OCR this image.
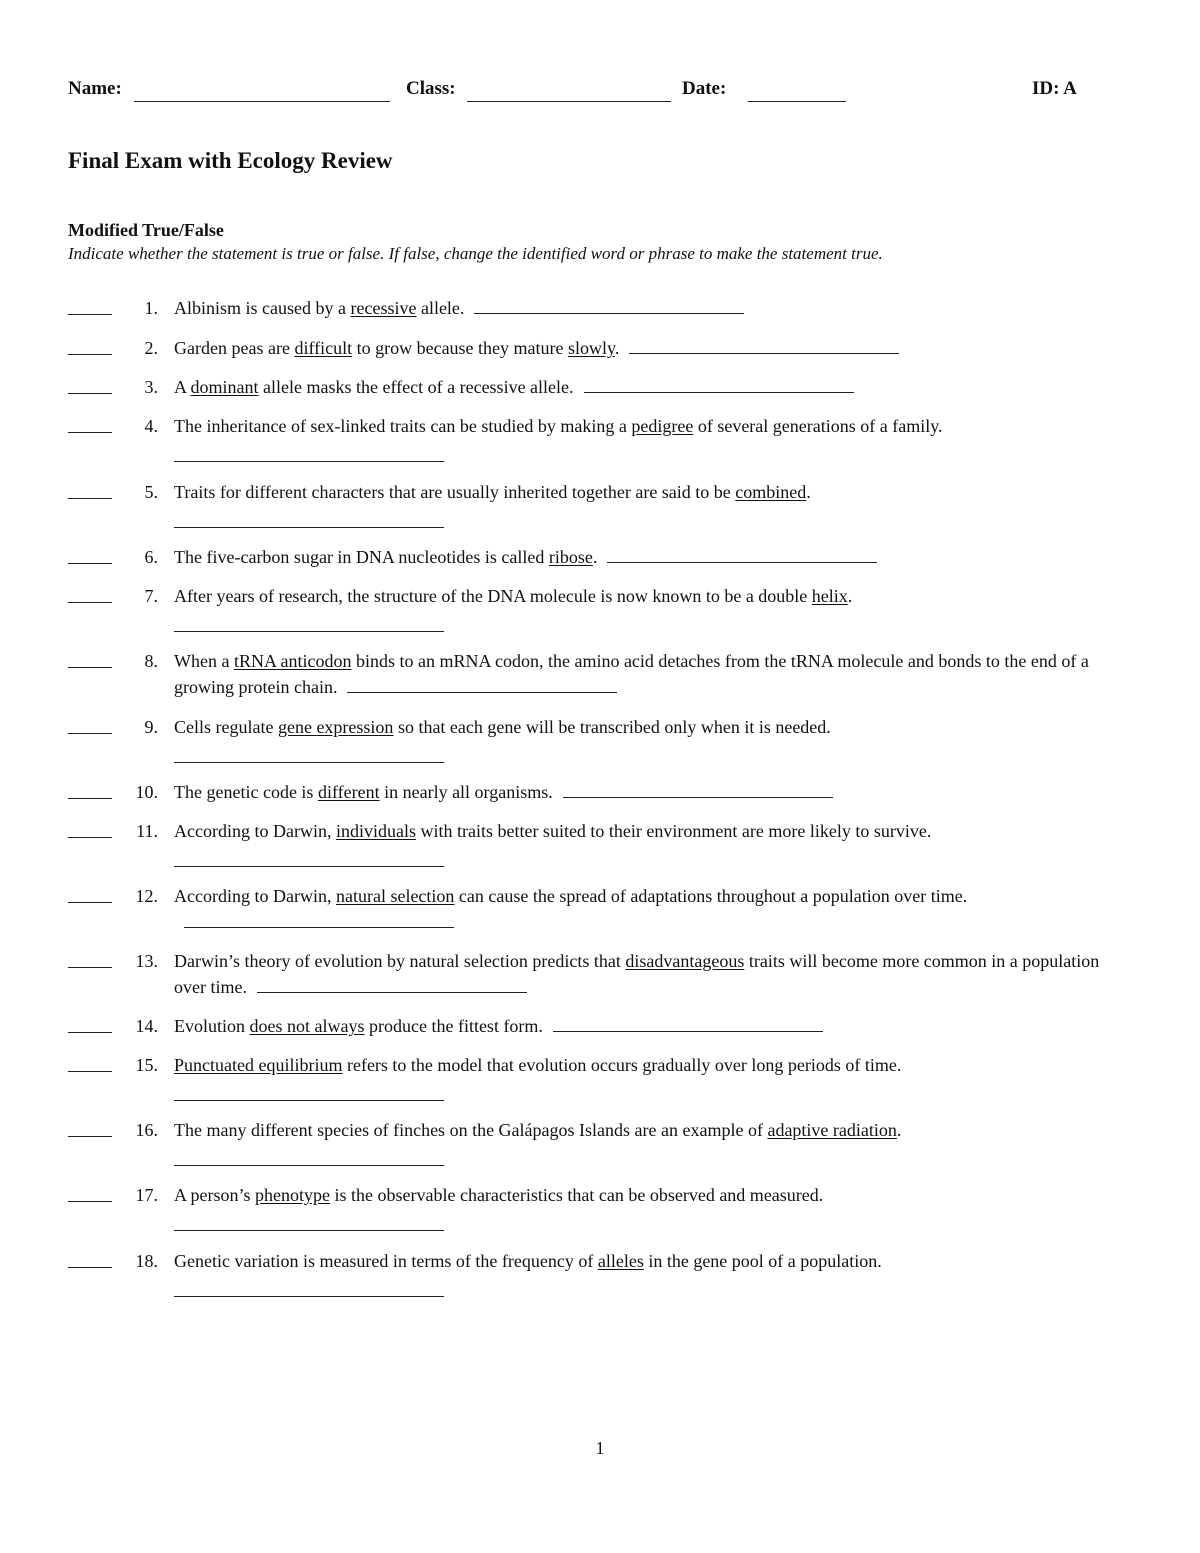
Name:	Class:	Date:	ID: A
Final Exam with Ecology Review
Modified True/False
Indicate whether the statement is true or false. If false, change the identified word or phrase to make the statement true.
1. Albinism is caused by a recessive allele.
2. Garden peas are difficult to grow because they mature slowly.
3. A dominant allele masks the effect of a recessive allele.
4. The inheritance of sex-linked traits can be studied by making a pedigree of several generations of a family.
5. Traits for different characters that are usually inherited together are said to be combined.
6. The five-carbon sugar in DNA nucleotides is called ribose.
7. After years of research, the structure of the DNA molecule is now known to be a double helix.
8. When a tRNA anticodon binds to an mRNA codon, the amino acid detaches from the tRNA molecule and bonds to the end of a growing protein chain.
9. Cells regulate gene expression so that each gene will be transcribed only when it is needed.
10. The genetic code is different in nearly all organisms.
11. According to Darwin, individuals with traits better suited to their environment are more likely to survive.
12. According to Darwin, natural selection can cause the spread of adaptations throughout a population over time.
13. Darwin’s theory of evolution by natural selection predicts that disadvantageous traits will become more common in a population over time.
14. Evolution does not always produce the fittest form.
15. Punctuated equilibrium refers to the model that evolution occurs gradually over long periods of time.
16. The many different species of finches on the Galápagos Islands are an example of adaptive radiation.
17. A person’s phenotype is the observable characteristics that can be observed and measured.
18. Genetic variation is measured in terms of the frequency of alleles in the gene pool of a population.
1
